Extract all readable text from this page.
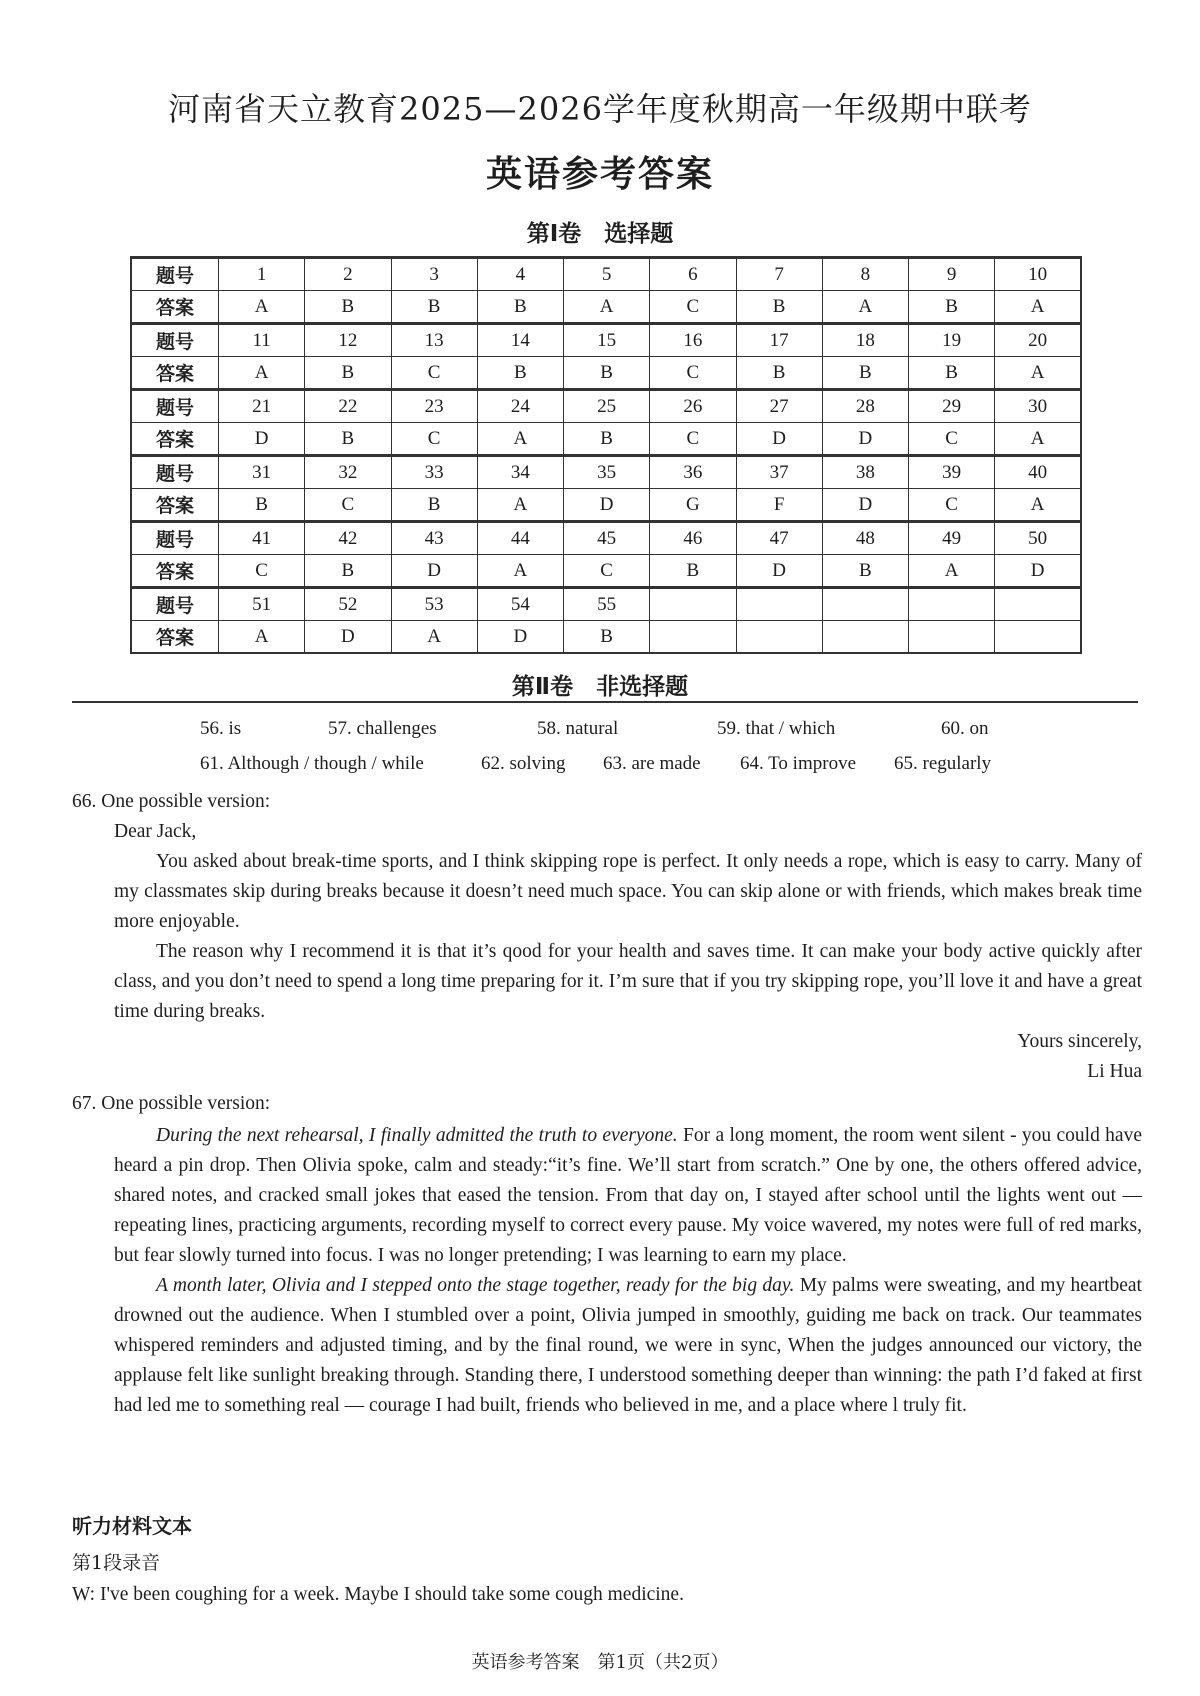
河南省天立教育2025—2026学年度秋期高一年级期中联考
英语参考答案
第Ⅰ卷　选择题
题号	1	2	3	4	5	6	7	8	9	10
答案	A	B	B	B	A	C	B	A	B	A
题号	11	12	13	14	15	16	17	18	19	20
答案	A	B	C	B	B	C	B	B	B	A
题号	21	22	23	24	25	26	27	28	29	30
答案	D	B	C	A	B	C	D	D	C	A
题号	31	32	33	34	35	36	37	38	39	40
答案	B	C	B	A	D	G	F	D	C	A
题号	41	42	43	44	45	46	47	48	49	50
答案	C	B	D	A	C	B	D	B	A	D
题号	51	52	53	54	55					
答案	A	D	A	D	B					
第Ⅱ卷　非选择题
56. is	57. challenges	58. natural	59. that / which	60. on
61. Although / though / while	62. solving 63. are made 64. To improve 65. regularly

66. One possible version:

Dear Jack,

You asked about break-time sports, and I think skipping rope is perfect. It only needs a rope, which is easy to carry. Many of my classmates skip during breaks because it doesn’t need much space. You can skip alone or with friends, which makes break time more enjoyable.

The reason why I recommend it is that it’s qood for your health and saves time. It can make your body active quickly after class, and you don’t need to spend a long time preparing for it. I’m sure that if you try skipping rope, you’ll love it and have a great time during breaks.

Yours sincerely,

Li Hua

67. One possible version:

During the next rehearsal, I finally admitted the truth to everyone. For a long moment, the room went silent - you could have heard a pin drop. Then Olivia spoke, calm and steady:“it’s fine. We’ll start from scratch.” One by one, the others offered advice, shared notes, and cracked small jokes that eased the tension. From that day on, I stayed after school until the lights went out — repeating lines, practicing arguments, recording myself to correct every pause. My voice wavered, my notes were full of red marks, but fear slowly turned into focus. I was no longer pretending; I was learning to earn my place.

A month later, Olivia and I stepped onto the stage together, ready for the big day. My palms were sweating, and my heartbeat drowned out the audience. When I stumbled over a point, Olivia jumped in smoothly, guiding me back on track. Our teammates whispered reminders and adjusted timing, and by the final round, we were in sync, When the judges announced our victory, the applause felt like sunlight breaking through. Standing there, I understood something deeper than winning: the path I’d faked at first had led me to something real — courage I had built, friends who believed in me, and a place where l truly fit.

听力材料文本
第1段录音
W: I've been coughing for a week. Maybe I should take some cough medicine.
英语参考答案　第1页（共2页）
